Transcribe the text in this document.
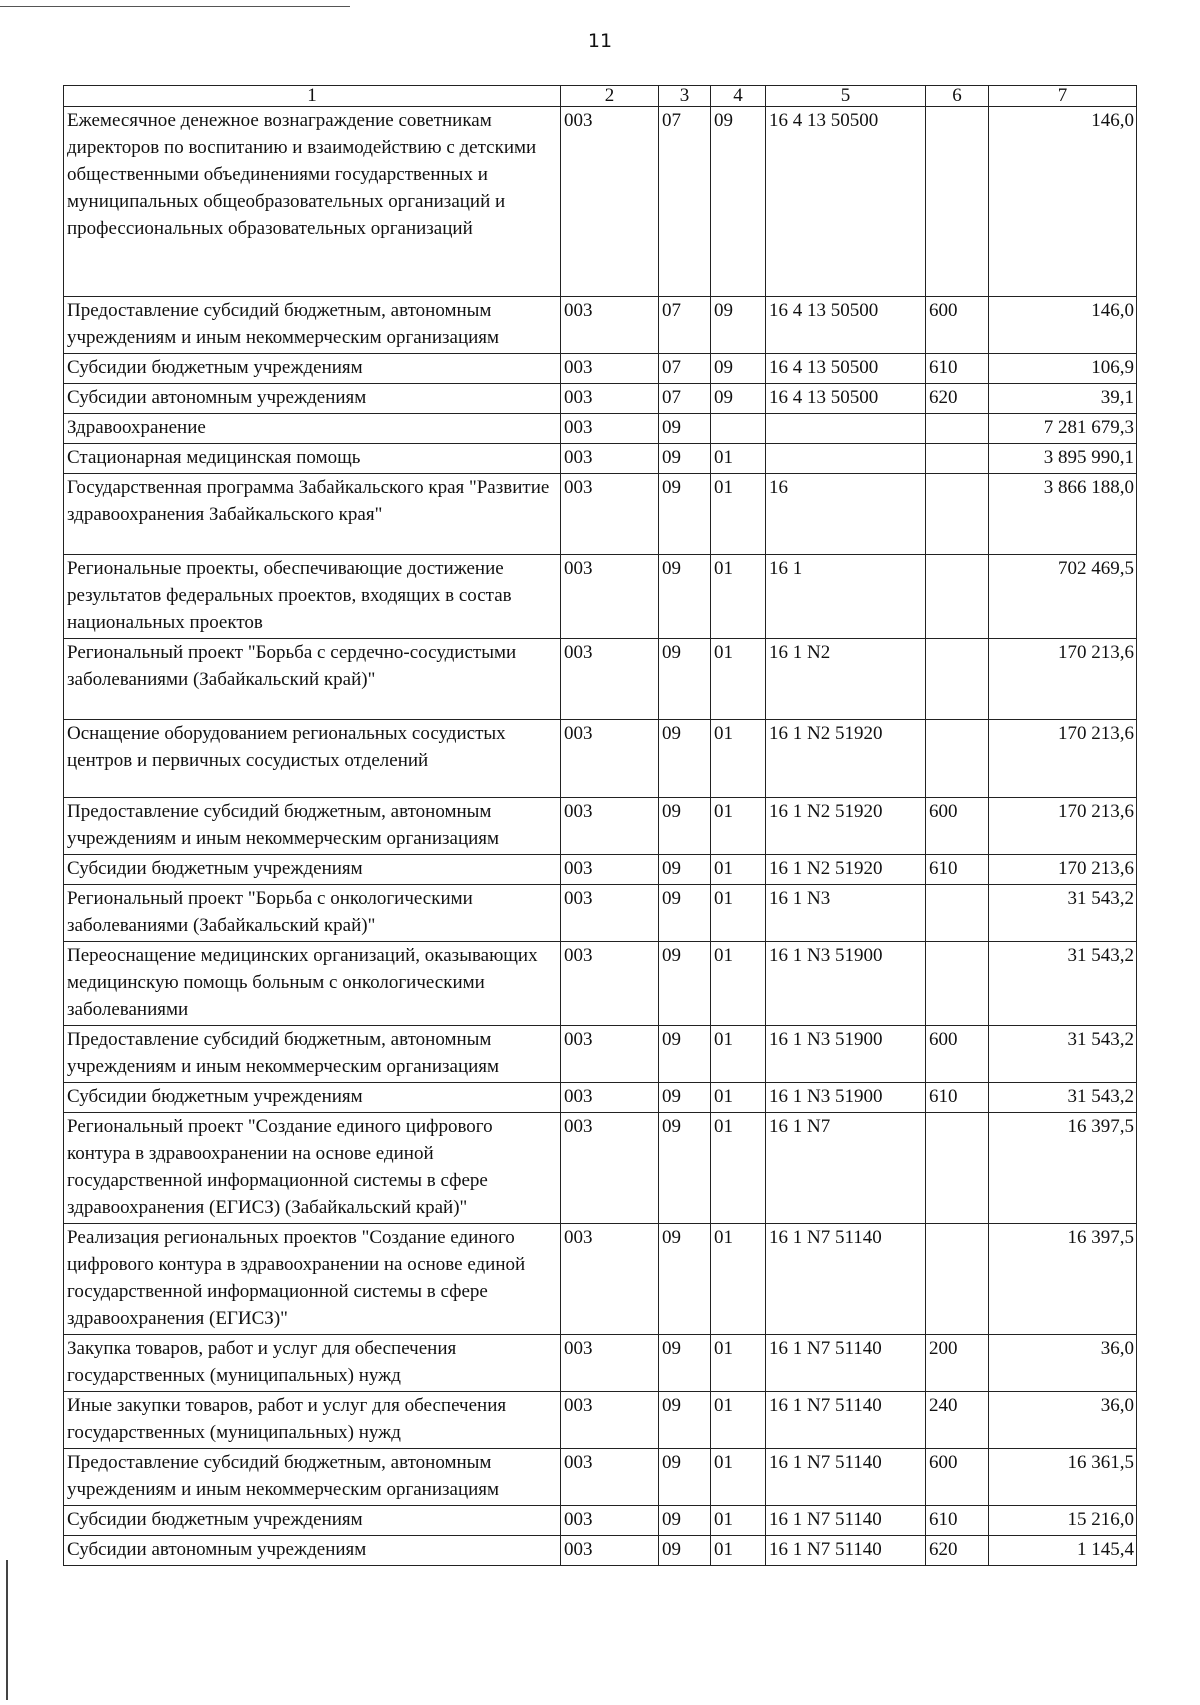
11
1	2	3	4	5	6	7
Ежемесячное денежное вознаграждение советникам директоров по воспитанию и взаимодействию с детскими общественными объединениями государственных и муниципальных общеобразовательных организаций и профессиональных образовательных организаций	003	07	09	16 4 13 50500		146,0
Предоставление субсидий бюджетным, автономным учреждениям и иным некоммерческим организациям	003	07	09	16 4 13 50500	600	146,0
Субсидии бюджетным учреждениям	003	07	09	16 4 13 50500	610	106,9
Субсидии автономным учреждениям	003	07	09	16 4 13 50500	620	39,1
Здравоохранение	003	09				7 281 679,3
Стационарная медицинская помощь	003	09	01			3 895 990,1
Государственная программа Забайкальского края "Развитие здравоохранения Забайкальского края"	003	09	01	16		3 866 188,0
Региональные проекты, обеспечивающие достижение результатов федеральных проектов, входящих в состав национальных проектов	003	09	01	16 1		702 469,5
Региональный проект "Борьба с сердечно-сосудистыми заболеваниями (Забайкальский край)"	003	09	01	16 1 N2		170 213,6
Оснащение оборудованием региональных сосудистых центров и первичных сосудистых отделений	003	09	01	16 1 N2 51920		170 213,6
Предоставление субсидий бюджетным, автономным учреждениям и иным некоммерческим организациям	003	09	01	16 1 N2 51920	600	170 213,6
Субсидии бюджетным учреждениям	003	09	01	16 1 N2 51920	610	170 213,6
Региональный проект "Борьба с онкологическими заболеваниями (Забайкальский край)"	003	09	01	16 1 N3		31 543,2
Переоснащение медицинских организаций, оказывающих медицинскую помощь больным с онкологическими заболеваниями	003	09	01	16 1 N3 51900		31 543,2
Предоставление субсидий бюджетным, автономным учреждениям и иным некоммерческим организациям	003	09	01	16 1 N3 51900	600	31 543,2
Субсидии бюджетным учреждениям	003	09	01	16 1 N3 51900	610	31 543,2
Региональный проект "Создание единого цифрового контура в здравоохранении на основе единой государственной информационной системы в сфере здравоохранения (ЕГИСЗ) (Забайкальский край)"	003	09	01	16 1 N7		16 397,5
Реализация региональных проектов "Создание единого цифрового контура в здравоохранении на основе единой государственной информационной системы в сфере здравоохранения (ЕГИСЗ)"	003	09	01	16 1 N7 51140		16 397,5
Закупка товаров, работ и услуг для обеспечения государственных (муниципальных) нужд	003	09	01	16 1 N7 51140	200	36,0
Иные закупки товаров, работ и услуг для обеспечения государственных (муниципальных) нужд	003	09	01	16 1 N7 51140	240	36,0
Предоставление субсидий бюджетным, автономным учреждениям и иным некоммерческим организациям	003	09	01	16 1 N7 51140	600	16 361,5
Субсидии бюджетным учреждениям	003	09	01	16 1 N7 51140	610	15 216,0
Субсидии автономным учреждениям	003	09	01	16 1 N7 51140	620	1 145,4
